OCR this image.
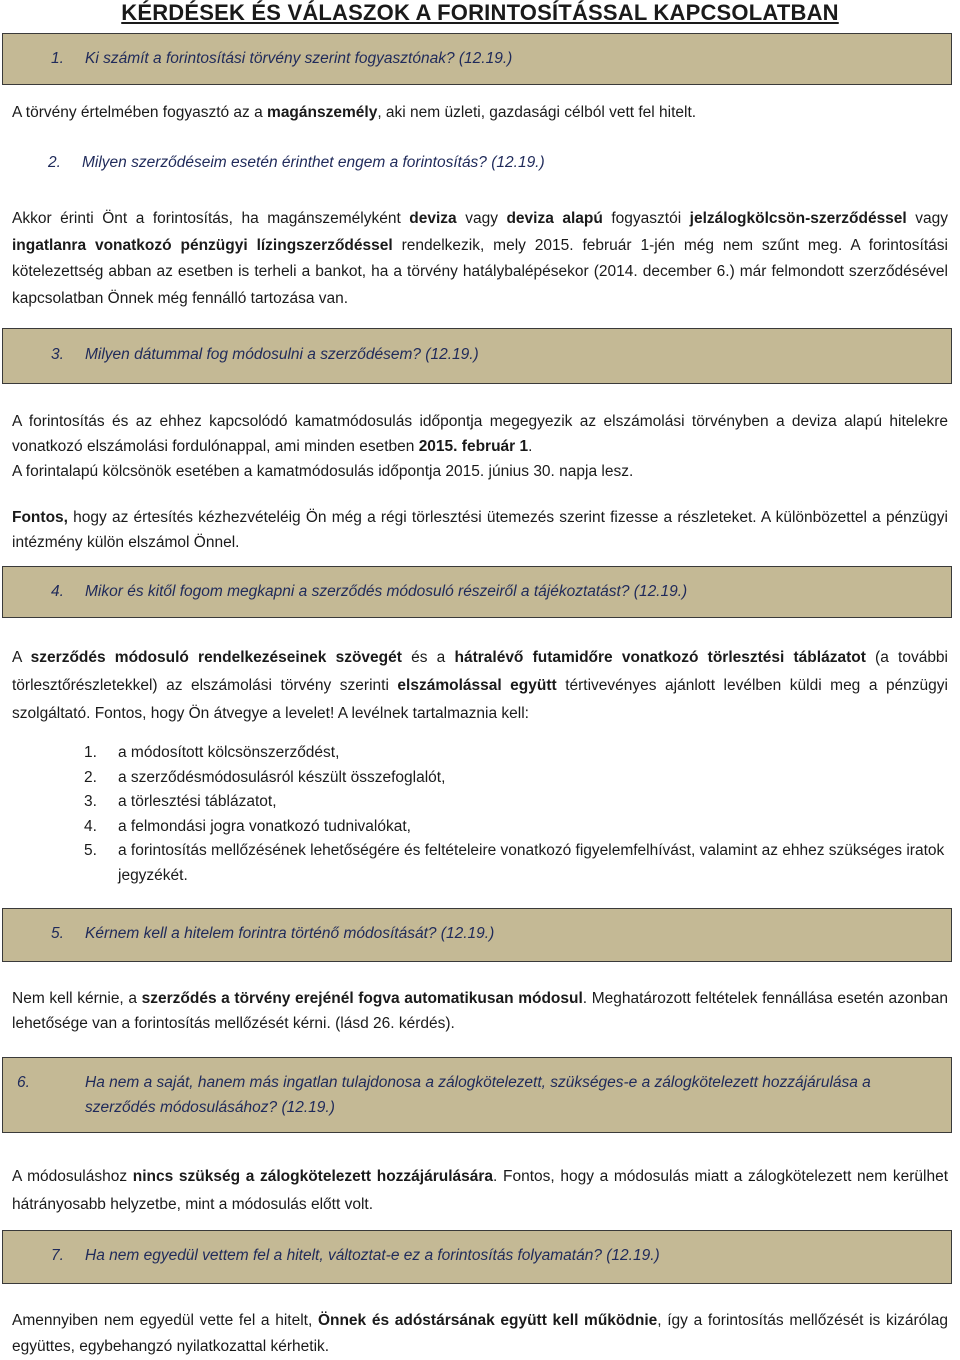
KÉRDÉSEK ÉS VÁLASZOK A FORINTOSÍTÁSSAL KAPCSOLATBAN
1. Ki számít a forintosítási törvény szerint fogyasztónak? (12.19.)

A törvény értelmében fogyasztó az a magánszemély, aki nem üzleti, gazdasági célból vett fel hitelt.

2. Milyen szerződéseim esetén érinthet engem a forintosítás? (12.19.)

Akkor érinti Önt a forintosítás, ha magánszemélyként deviza vagy deviza alapú fogyasztói jelzálogkölcsön-szerződéssel vagy ingatlanra vonatkozó pénzügyi lízingszerződéssel rendelkezik, mely 2015. február 1-jén még nem szűnt meg. A forintosítási kötelezettség abban az esetben is terheli a bankot, ha a törvény hatálybalépésekor (2014. december 6.) már felmondott szerződésével kapcsolatban Önnek még fennálló tartozása van.

3. Milyen dátummal fog módosulni a szerződésem? (12.19.)

A forintosítás és az ehhez kapcsolódó kamatmódosulás időpontja megegyezik az elszámolási törvényben a deviza alapú hitelekre vonatkozó elszámolási fordulónappal, ami minden esetben 2015. február 1.
A forintalapú kölcsönök esetében a kamatmódosulás időpontja 2015. június 30. napja lesz.

Fontos, hogy az értesítés kézhezvételéig Ön még a régi törlesztési ütemezés szerint fizesse a részleteket. A különbözettel a pénzügyi intézmény külön elszámol Önnel.

4. Mikor és kitől fogom megkapni a szerződés módosuló részeiről a tájékoztatást? (12.19.)

A szerződés módosuló rendelkezéseinek szövegét és a hátralévő futamidőre vonatkozó törlesztési táblázatot (a további törlesztőrészletekkel) az elszámolási törvény szerinti elszámolással együtt tértivevényes ajánlott levélben küldi meg a pénzügyi szolgáltató. Fontos, hogy Ön átvegye a levelet! A levélnek tartalmaznia kell:

1. a módosított kölcsönszerződést,
2. a szerződésmódosulásról készült összefoglalót,
3. a törlesztési táblázatot,
4. a felmondási jogra vonatkozó tudnivalókat,
5. a forintosítás mellőzésének lehetőségére és feltételeire vonatkozó figyelemfelhívást, valamint az ehhez szükséges iratok jegyzékét.
5. Kérnem kell a hitelem forintra történő módosítását? (12.19.)

Nem kell kérnie, a szerződés a törvény erejénél fogva automatikusan módosul. Meghatározott feltételek fennállása esetén azonban lehetősége van a forintosítás mellőzését kérni. (lásd 26. kérdés).

6.	Ha nem a saját, hanem más ingatlan tulajdonosa a zálogkötelezett, szükséges-e a zálogkötelezett hozzájárulása a szerződés módosulásához? (12.19.)

A módosuláshoz nincs szükség a zálogkötelezett hozzájárulására. Fontos, hogy a módosulás miatt a zálogkötelezett nem kerülhet hátrányosabb helyzetbe, mint a módosulás előtt volt.

7. Ha nem egyedül vettem fel a hitelt, változtat-e ez a forintosítás folyamatán? (12.19.)

Amennyiben nem egyedül vette fel a hitelt, Önnek és adóstársának együtt kell működnie, így a forintosítás mellőzését is kizárólag együttes, egybehangzó nyilatkozattal kérhetik.
